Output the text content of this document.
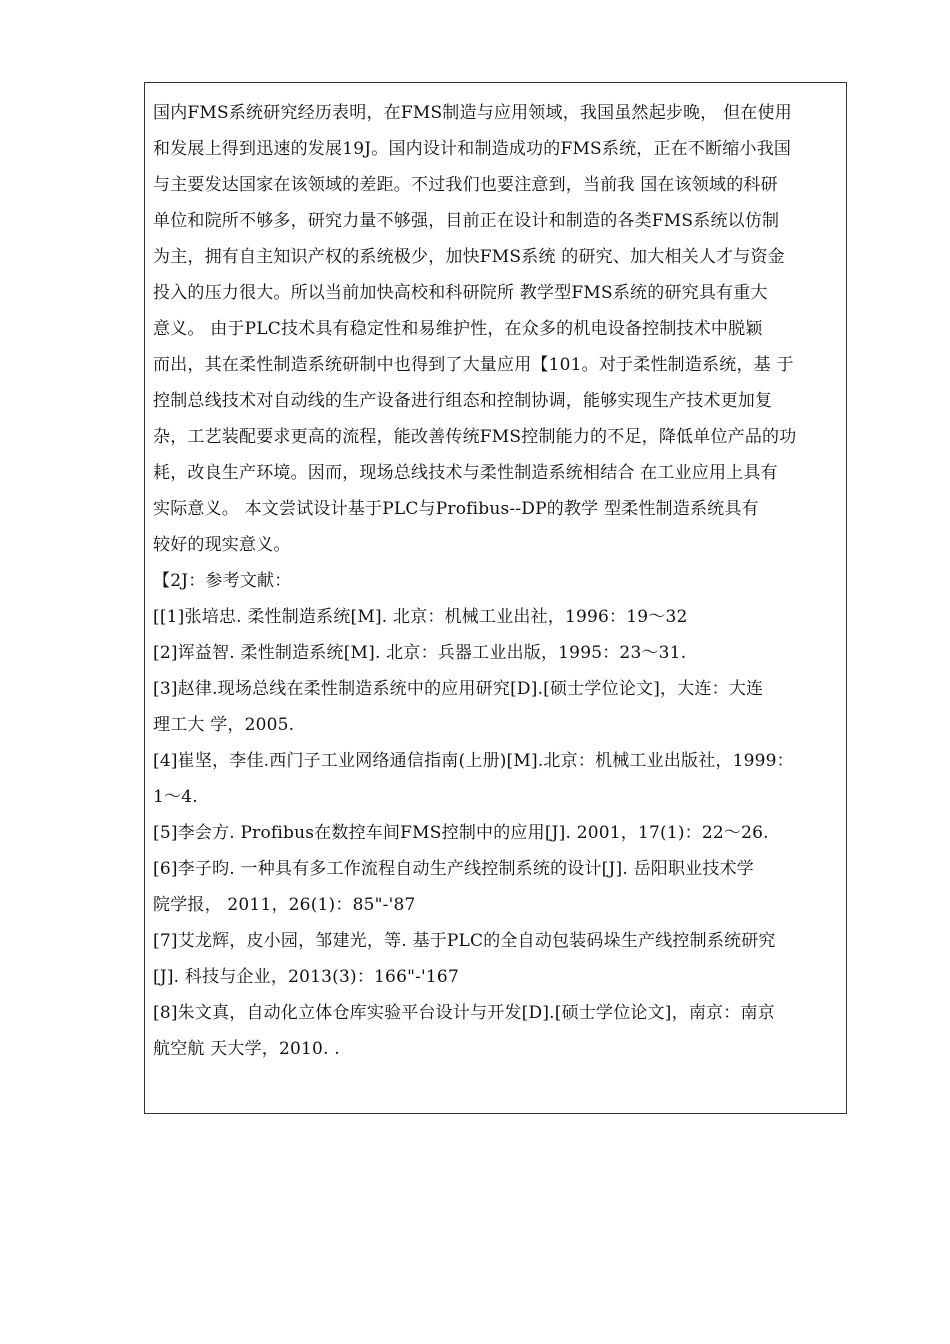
国内FMS系统研究经历表明，在FMS制造与应用领域，我国虽然起步晚， 但在使用
和发展上得到迅速的发展19J。国内设计和制造成功的FMS系统，正在不断缩小我国
与主要发达国家在该领域的差距。不过我们也要注意到，当前我 国在该领域的科研
单位和院所不够多，研究力量不够强，目前正在设计和制造的各类FMS系统以仿制
为主，拥有自主知识产权的系统极少，加快FMS系统 的研究、加大相关人才与资金
投入的压力很大。所以当前加快高校和科研院所 教学型FMS系统的研究具有重大
意义。 由于PLC技术具有稳定性和易维护性，在众多的机电设备控制技术中脱颖
而出，其在柔性制造系统研制中也得到了大量应用【101。对于柔性制造系统，基 于
控制总线技术对自动线的生产设备进行组态和控制协调，能够实现生产技术更加复
杂，工艺装配要求更高的流程，能改善传统FMS控制能力的不足，降低单位产品的功
耗，改良生产环境。因而，现场总线技术与柔性制造系统相结合 在工业应用上具有
实际意义。 本文尝试设计基于PLC与Profibus--DP的教学 型柔性制造系统具有
较好的现实意义。
【2J：参考文献：
[[1]张培忠. 柔性制造系统[M]. 北京：机械工业出社，1996：19～32
[2]诨益智. 柔性制造系统[M]. 北京：兵器工业出版，1995：23～31.
[3]赵律.现场总线在柔性制造系统中的应用研究[D].[硕士学位论文]，大连：大连
理工大 学，2005.
[4]崔坚，李佳.西门子工业网络通信指南(上册)[M].北京：机械工业出版社，1999：
1～4.
[5]李会方. Profibus在数控车间FMS控制中的应用[J]. 2001，17(1)：22～26.
[6]李子昀. 一种具有多工作流程自动生产线控制系统的设计[J]. 岳阳职业技术学
院学报， 2011，26(1)：85"-'87
[7]艾龙辉，皮小园，邹建光，等. 基于PLC的全自动包装码垛生产线控制系统研究
[J]. 科技与企业，2013(3)：166"-'167
[8]朱文真，自动化立体仓库实验平台设计与开发[D].[硕士学位论文]，南京：南京
航空航 天大学，2010. .
